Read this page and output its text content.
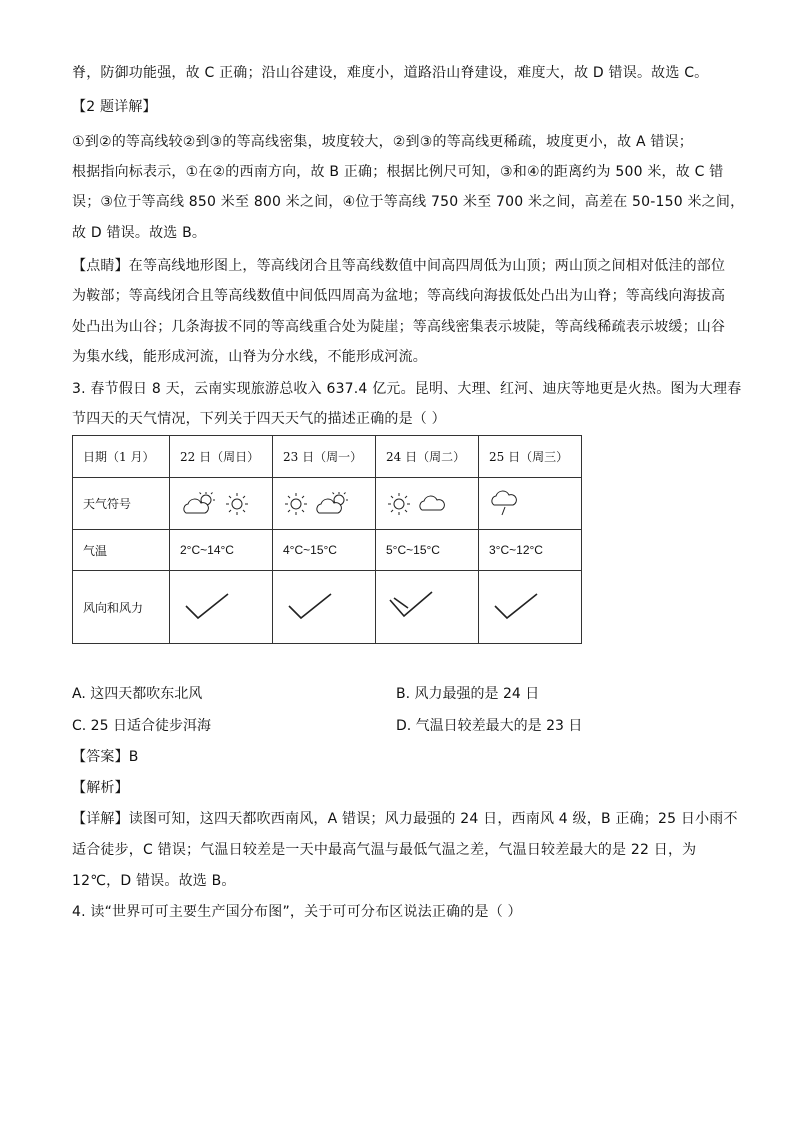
脊，防御功能强，故 C 正确；沿山谷建设，难度小，道路沿山脊建设，难度大，故 D 错误。故选 C。
【2 题详解】
①到②的等高线较②到③的等高线密集，坡度较大，②到③的等高线更稀疏，坡度更小，故 A 错误；
根据指向标表示，①在②的西南方向，故 B 正确；根据比例尺可知，③和④的距离约为 500 米，故 C 错
误；③位于等高线 850 米至 800 米之间，④位于等高线 750 米至 700 米之间，高差在 50-150 米之间，
故 D 错误。故选 B。
【点睛】在等高线地形图上，等高线闭合且等高线数值中间高四周低为山顶；两山顶之间相对低洼的部位
为鞍部；等高线闭合且等高线数值中间低四周高为盆地；等高线向海拔低处凸出为山脊；等高线向海拔高
处凸出为山谷；几条海拔不同的等高线重合处为陡崖；等高线密集表示坡陡，等高线稀疏表示坡缓；山谷
为集水线，能形成河流，山脊为分水线，不能形成河流。
3. 春节假日 8 天，云南实现旅游总收入 637.4 亿元。昆明、大理、红河、迪庆等地更是火热。图为大理春
节四天的天气情况，下列关于四天天气的描述正确的是（ ）
日期（1 月）	22 日（周日）	23 日（周一）	24 日（周二）	25 日（周三）
天气符号				
气温	2°C~14°C	4°C~15°C	5°C~15°C	3°C~12°C
风向和风力				
A. 这四天都吹东北风	B. 风力最强的是 24 日
C. 25 日适合徒步洱海	D. 气温日较差最大的是 23 日
【答案】B
【解析】
【详解】读图可知，这四天都吹西南风，A 错误；风力最强的 24 日，西南风 4 级，B 正确；25 日小雨不
适合徒步，C 错误；气温日较差是一天中最高气温与最低气温之差，气温日较差最大的是 22 日，为
12℃，D 错误。故选 B。
4. 读“世界可可主要生产国分布图”，关于可可分布区说法正确的是（ ）
